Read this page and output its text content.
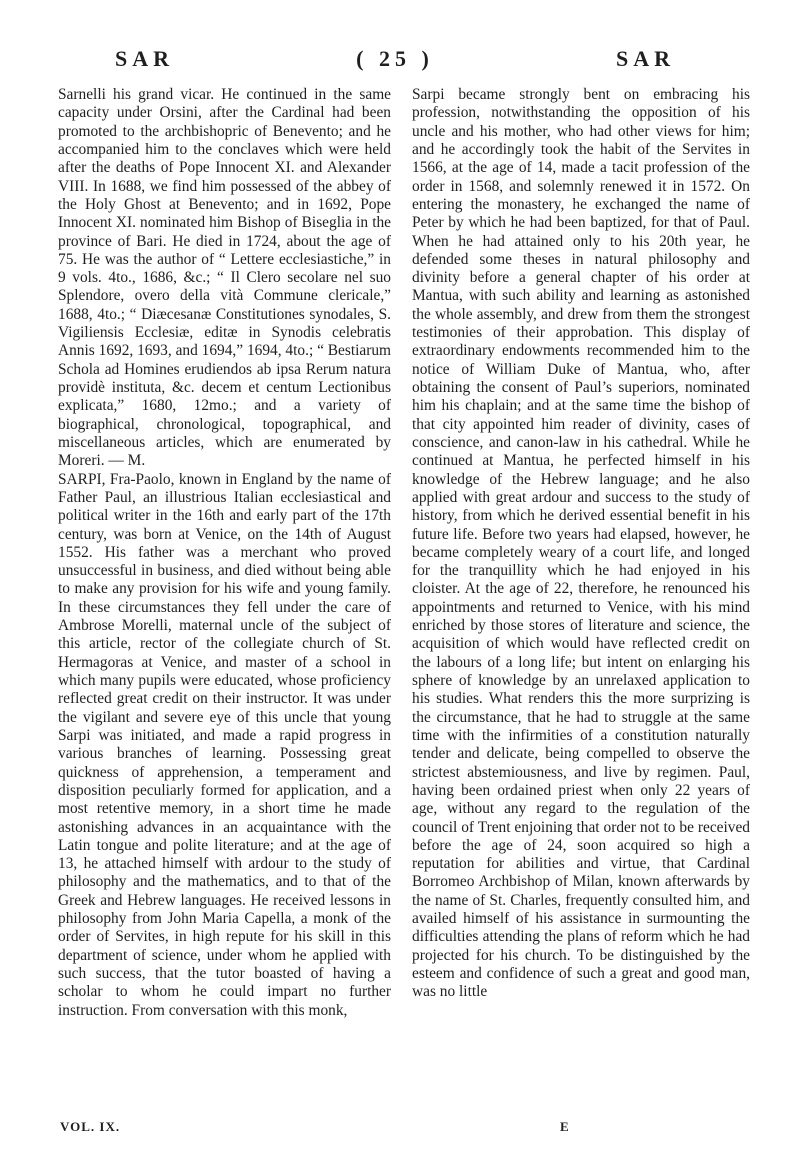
SAR	( 25 )	SAR

Sarnelli his grand vicar. He continued in the same capacity under Orsini, after the Cardinal had been promoted to the archbishopric of Benevento; and he accompanied him to the conclaves which were held after the deaths of Pope Innocent XI. and Alexander VIII. In 1688, we find him possessed of the abbey of the Holy Ghost at Benevento; and in 1692, Pope Innocent XI. nominated him Bishop of Biseglia in the province of Bari. He died in 1724, about the age of 75. He was the author of “ Lettere ecclesiastiche,” in 9 vols. 4to., 1686, &c.; “ Il Clero secolare nel suo Splendore, overo della vità Commune clericale,” 1688, 4to.; “ Diæcesanæ Constitutiones synodales, S. Vigiliensis Ecclesiæ, editæ in Synodis celebratis Annis 1692, 1693, and 1694,” 1694, 4to.; “ Bestiarum Schola ad Homines erudiendos ab ipsa Rerum natura providè instituta, &c. decem et centum Lectionibus explicata,” 1680, 12mo.; and a variety of biographical, chronological, topographical, and miscellaneous articles, which are enumerated by Moreri. — M.

SARPI, Fra-Paolo, known in England by the name of Father Paul, an illustrious Italian ecclesiastical and political writer in the 16th and early part of the 17th century, was born at Venice, on the 14th of August 1552. His father was a merchant who proved unsuccessful in business, and died without being able to make any provision for his wife and young family. In these circumstances they fell under the care of Ambrose Morelli, maternal uncle of the subject of this article, rector of the collegiate church of St. Hermagoras at Venice, and master of a school in which many pupils were educated, whose proficiency reflected great credit on their instructor. It was under the vigilant and severe eye of this uncle that young Sarpi was initiated, and made a rapid progress in various branches of learning. Possessing great quickness of apprehension, a temperament and disposition peculiarly formed for application, and a most retentive memory, in a short time he made astonishing advances in an acquaintance with the Latin tongue and polite literature; and at the age of 13, he attached himself with ardour to the study of philosophy and the mathematics, and to that of the Greek and Hebrew languages. He received lessons in philosophy from John Maria Capella, a monk of the order of Servites, in high repute for his skill in this department of science, under whom he applied with such success, that the tutor boasted of having a scholar to whom he could impart no further instruction. From conversation with this monk,

Sarpi became strongly bent on embracing his profession, notwithstanding the opposition of his uncle and his mother, who had other views for him; and he accordingly took the habit of the Servites in 1566, at the age of 14, made a tacit profession of the order in 1568, and solemnly renewed it in 1572. On entering the monastery, he exchanged the name of Peter by which he had been baptized, for that of Paul. When he had attained only to his 20th year, he defended some theses in natural philosophy and divinity before a general chapter of his order at Mantua, with such ability and learning as astonished the whole assembly, and drew from them the strongest testimonies of their approbation. This display of extraordinary endowments recommended him to the notice of William Duke of Mantua, who, after obtaining the consent of Paul’s superiors, nominated him his chaplain; and at the same time the bishop of that city appointed him reader of divinity, cases of conscience, and canon-law in his cathedral. While he continued at Mantua, he perfected himself in his knowledge of the Hebrew language; and he also applied with great ardour and success to the study of history, from which he derived essential benefit in his future life. Before two years had elapsed, however, he became completely weary of a court life, and longed for the tranquillity which he had enjoyed in his cloister. At the age of 22, therefore, he renounced his appointments and returned to Venice, with his mind enriched by those stores of literature and science, the acquisition of which would have reflected credit on the labours of a long life; but intent on enlarging his sphere of knowledge by an unrelaxed application to his studies. What renders this the more surprizing is the circumstance, that he had to struggle at the same time with the infirmities of a constitution naturally tender and delicate, being compelled to observe the strictest abstemiousness, and live by regimen. Paul, having been ordained priest when only 22 years of age, without any regard to the regulation of the council of Trent enjoining that order not to be received before the age of 24, soon acquired so high a reputation for abilities and virtue, that Cardinal Borromeo Archbishop of Milan, known afterwards by the name of St. Charles, frequently consulted him, and availed himself of his assistance in surmounting the difficulties attending the plans of reform which he had projected for his church. To be distinguished by the esteem and confidence of such a great and good man, was no little

VOL. IX.	E
